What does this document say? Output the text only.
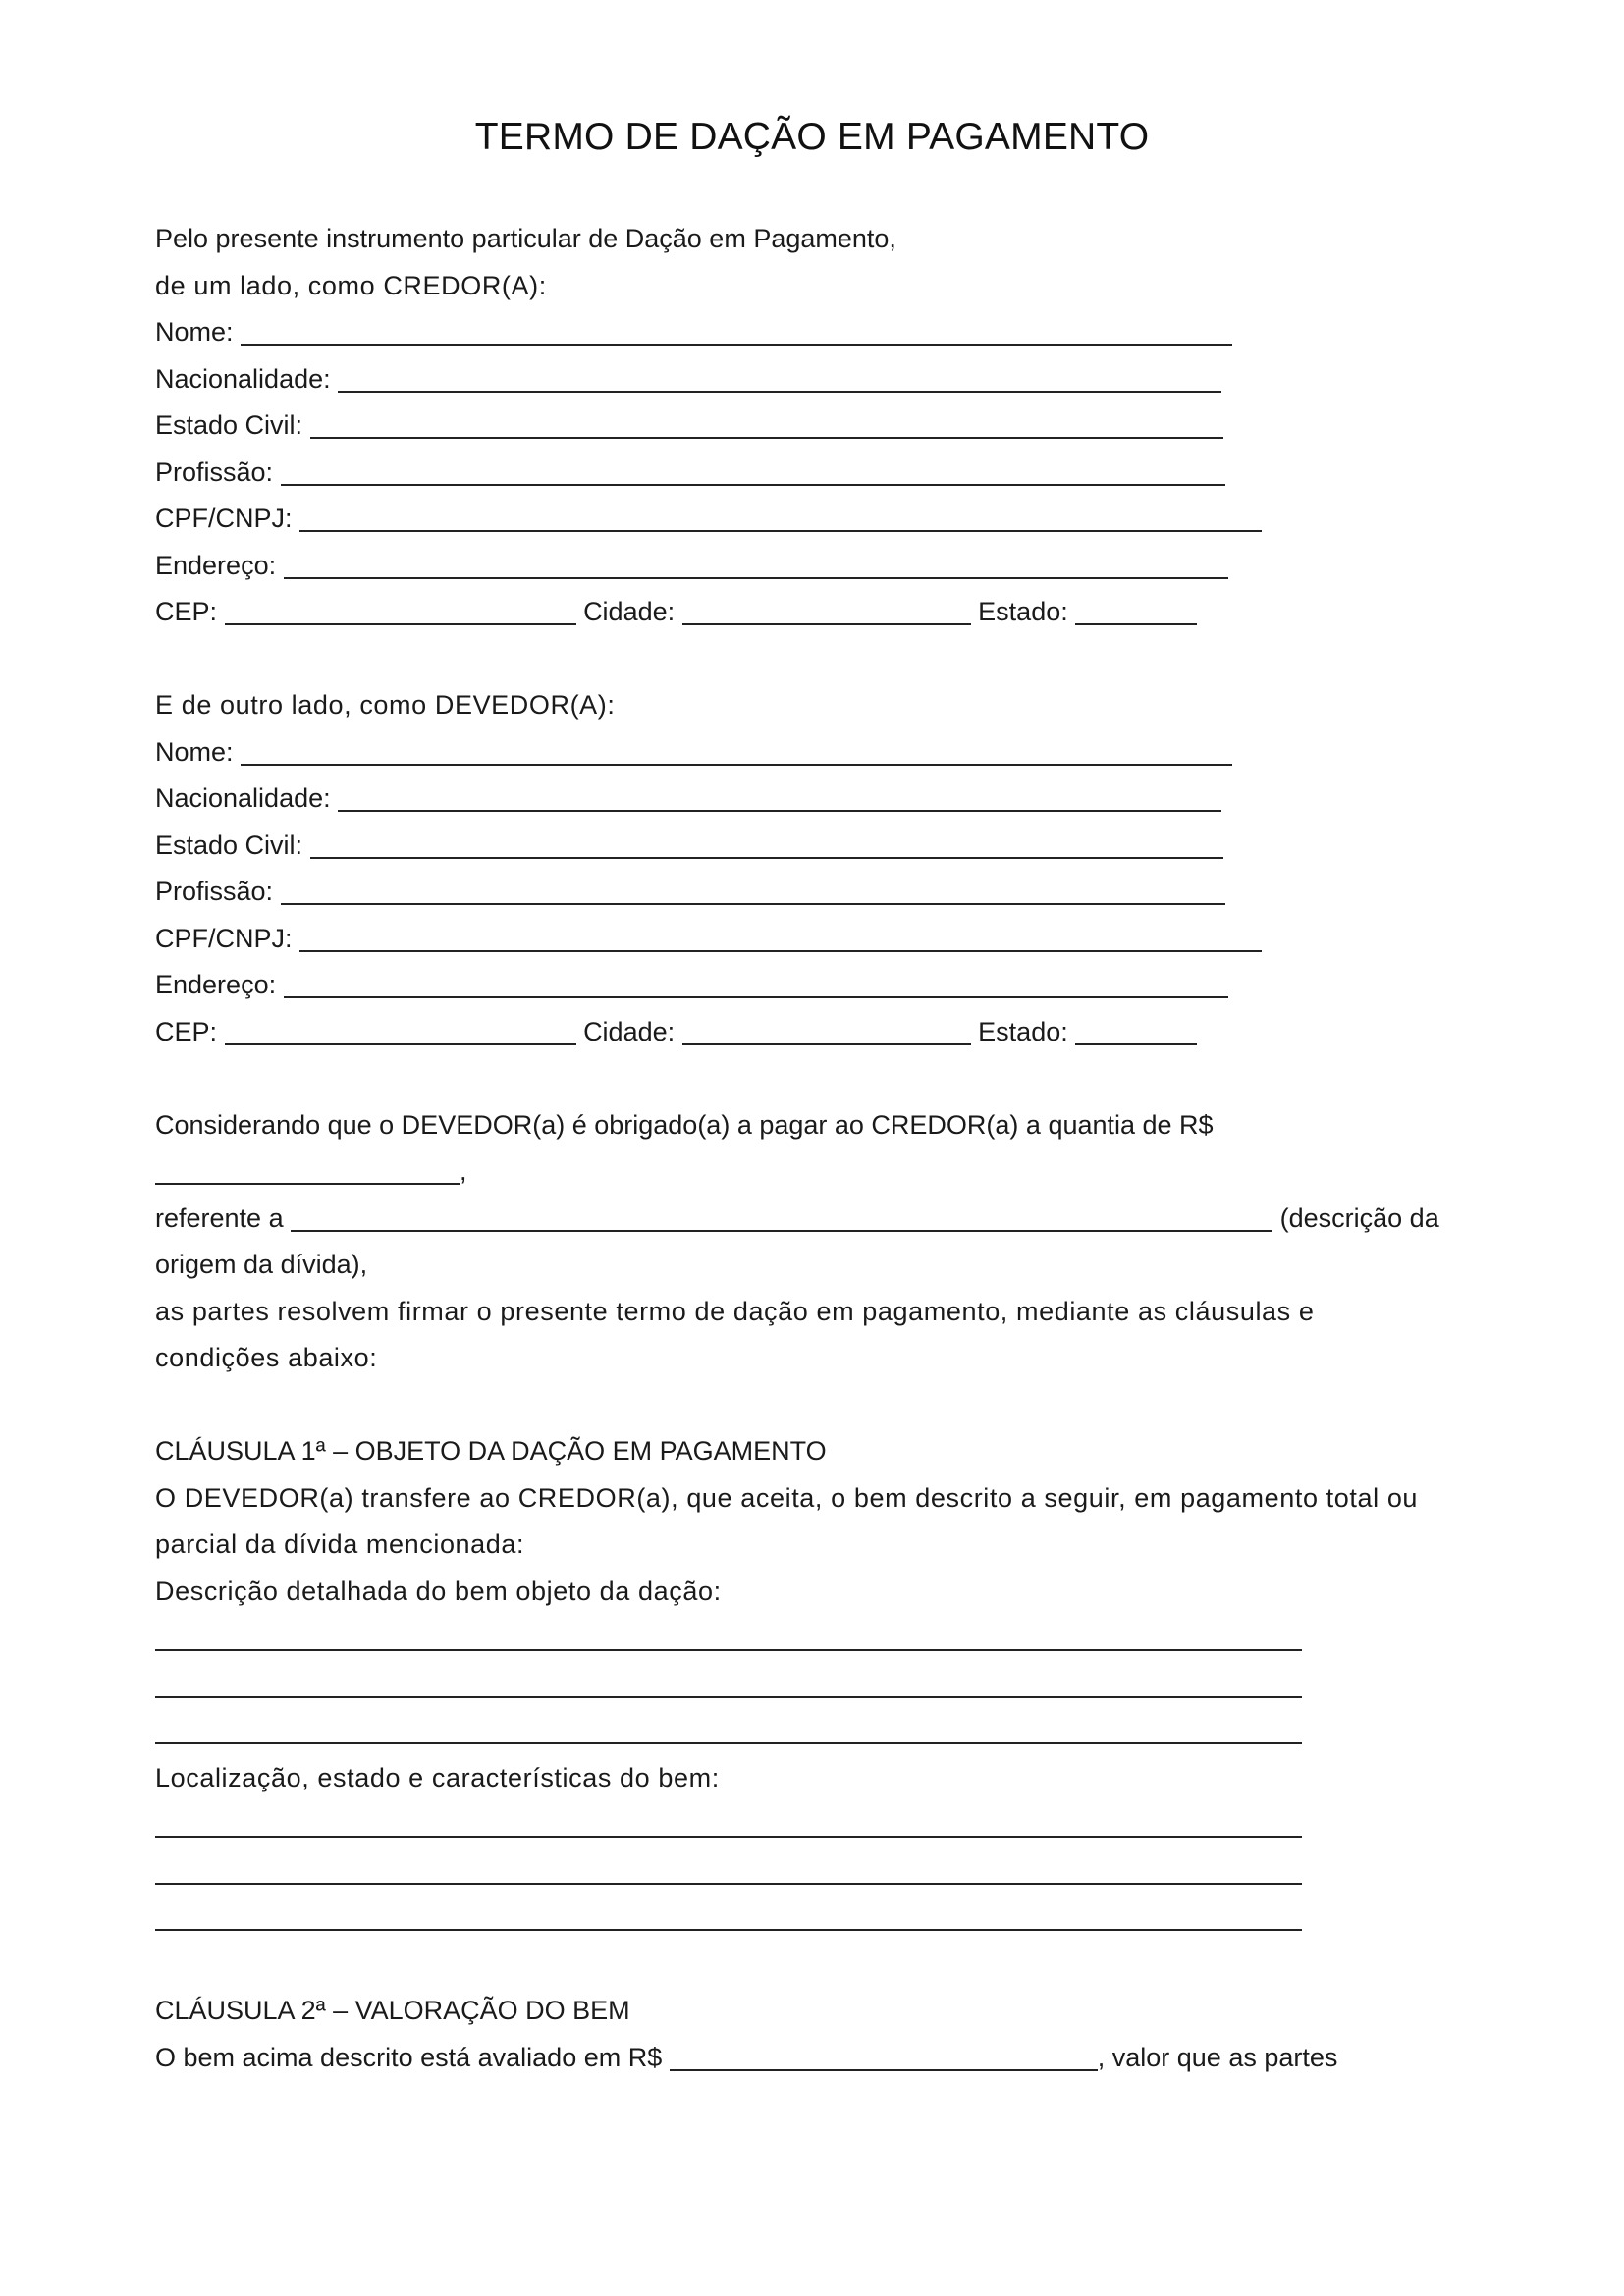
TERMO DE DAÇÃO EM PAGAMENTO
Pelo presente instrumento particular de Dação em Pagamento,
de um lado, como CREDOR(A):
Nome:
Nacionalidade:
Estado Civil:
Profissão:
CPF/CNPJ:
Endereço:
CEP:	Cidade:	Estado:
E de outro lado, como DEVEDOR(A):
Nome:
Nacionalidade:
Estado Civil:
Profissão:
CPF/CNPJ:
Endereço:
CEP:	Cidade:	Estado:
Considerando que o DEVEDOR(a) é obrigado(a) a pagar ao CREDOR(a) a quantia de R$
,
referente a	(descrição da
origem da dívida),
as partes resolvem firmar o presente termo de dação em pagamento, mediante as cláusulas e
condições abaixo:
CLÁUSULA 1ª – OBJETO DA DAÇÃO EM PAGAMENTO
O DEVEDOR(a) transfere ao CREDOR(a), que aceita, o bem descrito a seguir, em pagamento total ou
parcial da dívida mencionada:
Descrição detalhada do bem objeto da dação:
Localização, estado e características do bem:
CLÁUSULA 2ª – VALORAÇÃO DO BEM
O bem acima descrito está avaliado em R$	, valor que as partes
